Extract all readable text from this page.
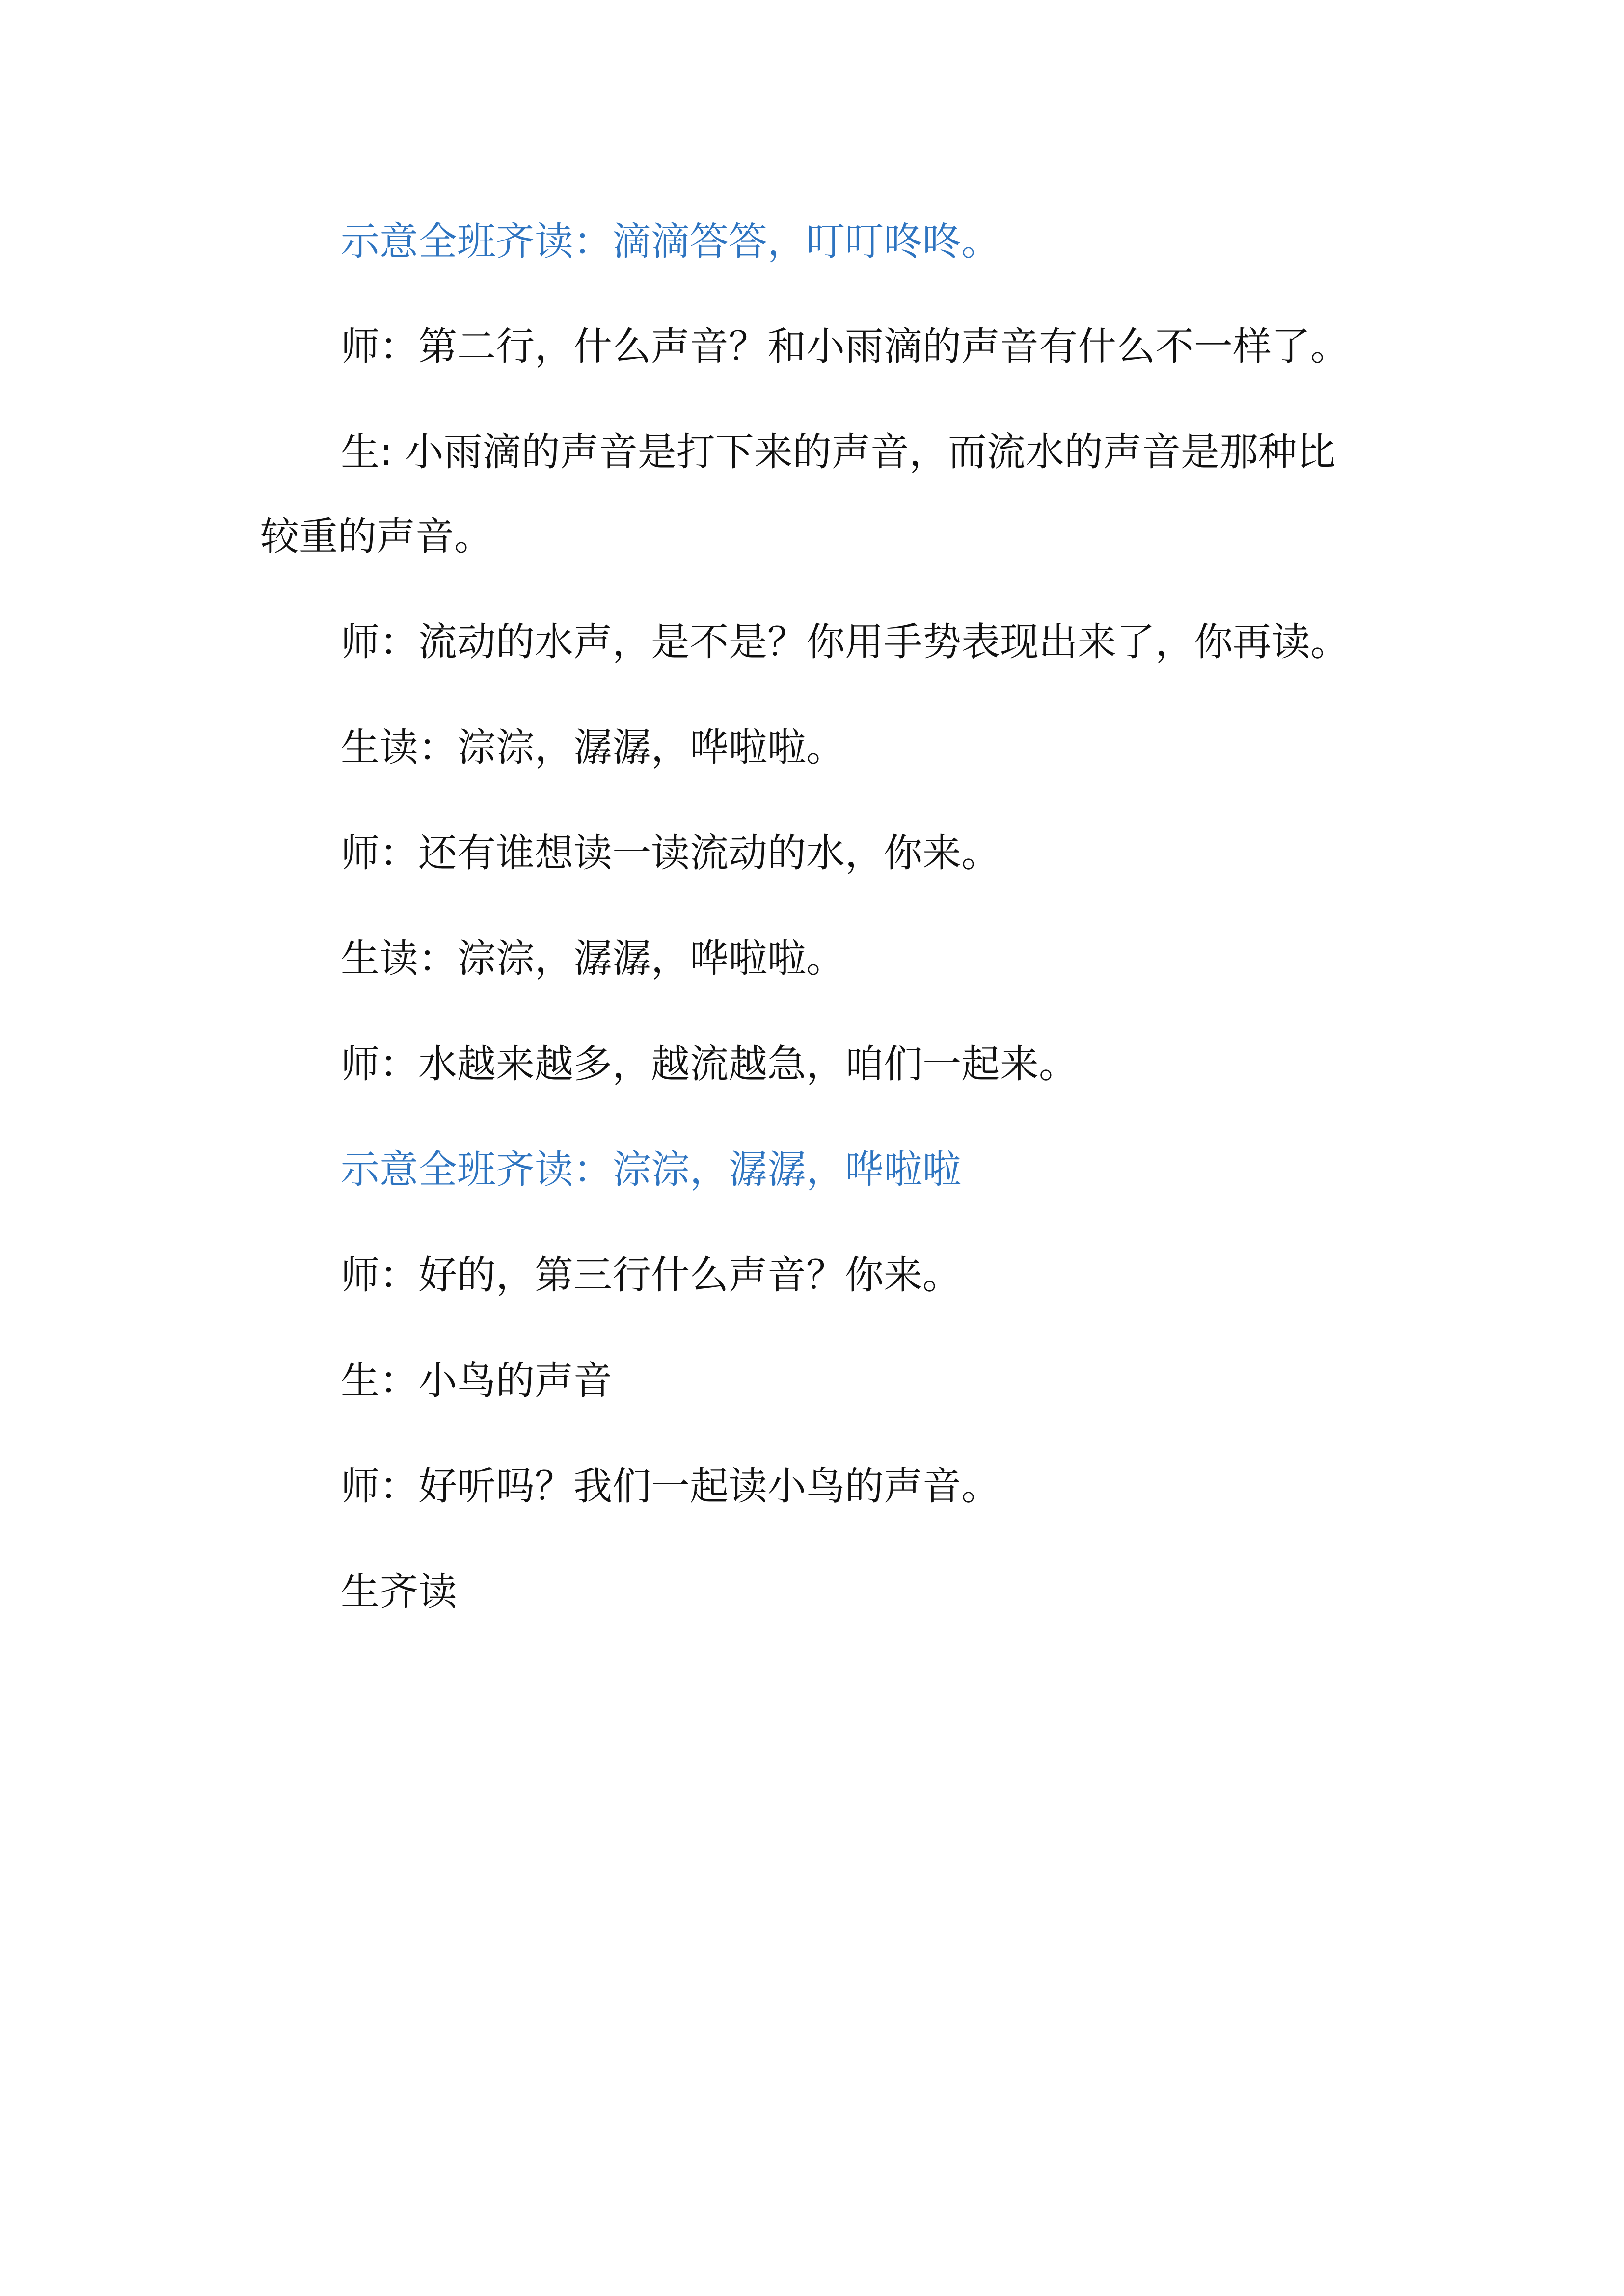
示意全班齐读：滴滴答答，叮叮咚咚。

师：第二行，什么声音？和小雨滴的声音有什么不一样了。

生: 小雨滴的声音是打下来的声音，而流水的声音是那种比较重的声音。

师：流动的水声，是不是？你用手势表现出来了，你再读。

生读：淙淙，潺潺，哗啦啦。

师：还有谁想读一读流动的水，你来。

生读：淙淙，潺潺，哗啦啦。

师：水越来越多，越流越急，咱们一起来。

示意全班齐读：淙淙，潺潺，哗啦啦

师：好的，第三行什么声音？你来。

生：小鸟的声音

师：好听吗？我们一起读小鸟的声音。

生齐读
